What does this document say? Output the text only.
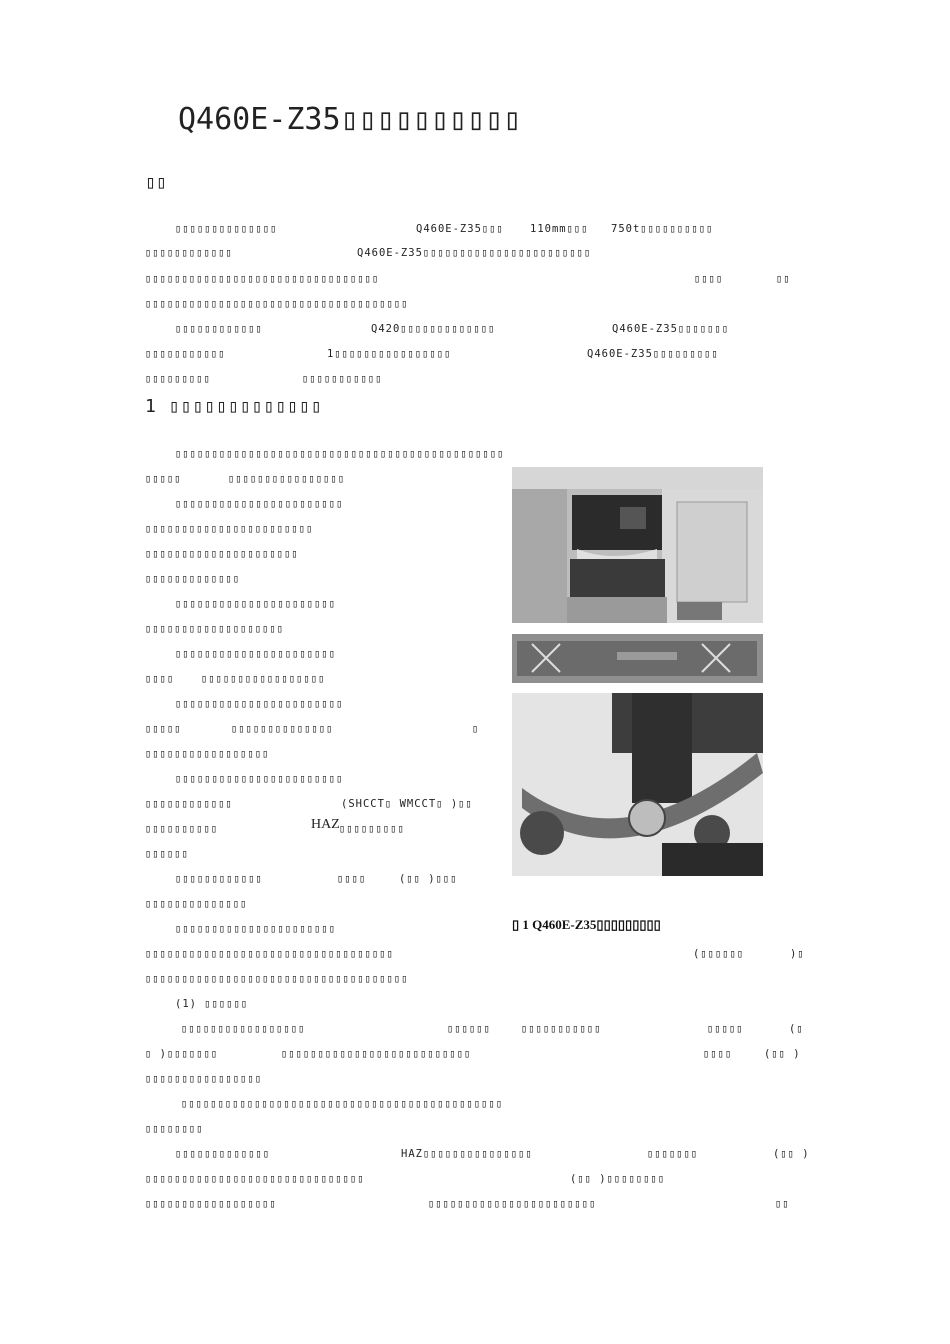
Q460E-Z35▯▯▯▯▯▯▯▯▯▯
▯▯
▯▯▯▯▯▯▯▯▯▯▯▯▯▯	Q460E-Z35▯▯▯ 110mm▯▯▯ 750t▯▯▯▯▯▯▯▯▯▯
▯▯▯▯▯▯▯▯▯▯▯▯	Q460E-Z35▯▯▯▯▯▯▯▯▯▯▯▯▯▯▯▯▯▯▯▯▯▯▯
▯▯▯▯▯▯▯▯▯▯▯▯▯▯▯▯▯▯▯▯▯▯▯▯▯▯▯▯▯▯▯▯	▯▯▯▯	▯▯
▯▯▯▯▯▯▯▯▯▯▯▯▯▯▯▯▯▯▯▯▯▯▯▯▯▯▯▯▯▯▯▯▯▯▯▯
▯▯▯▯▯▯▯▯▯▯▯▯	Q420▯▯▯▯▯▯▯▯▯▯▯▯▯	Q460E-Z35▯▯▯▯▯▯▯
▯▯▯▯▯▯▯▯▯▯▯	1▯▯▯▯▯▯▯▯▯▯▯▯▯▯▯▯	Q460E-Z35▯▯▯▯▯▯▯▯▯
▯▯▯▯▯▯▯▯▯	▯▯▯▯▯▯▯▯▯▯▯
1 ▯▯▯▯▯▯▯▯▯▯▯▯▯
▯▯▯▯▯▯▯▯▯▯▯▯▯▯▯▯▯▯▯▯▯▯▯▯▯▯▯▯▯▯▯▯▯▯▯▯▯▯▯▯▯▯▯▯▯
▯▯▯▯▯	▯▯▯▯▯▯▯▯▯▯▯▯▯▯▯▯
▯▯▯▯▯▯▯▯▯▯▯▯▯▯▯▯▯▯▯▯▯▯▯
▯▯▯▯▯▯▯▯▯▯▯▯▯▯▯▯▯▯▯▯▯▯▯
▯▯▯▯▯▯▯▯▯▯▯▯▯▯▯▯▯▯▯▯▯
▯▯▯▯▯▯▯▯▯▯▯▯▯
▯▯▯▯▯▯▯▯▯▯▯▯▯▯▯▯▯▯▯▯▯▯
▯▯▯▯▯▯▯▯▯▯▯▯▯▯▯▯▯▯▯
▯▯▯▯▯▯▯▯▯▯▯▯▯▯▯▯▯▯▯▯▯▯
▯▯▯▯	▯▯▯▯▯▯▯▯▯▯▯▯▯▯▯▯▯
▯▯▯▯▯▯▯▯▯▯▯▯▯▯▯▯▯▯▯▯▯▯▯
▯▯▯▯▯	▯▯▯▯▯▯▯▯▯▯▯▯▯▯	▯
▯▯▯▯▯▯▯▯▯▯▯▯▯▯▯▯▯
▯▯▯▯▯▯▯▯▯▯▯▯▯▯▯▯▯▯▯▯▯▯▯
▯▯▯▯▯▯▯▯▯▯▯▯	(SHCCT▯ WMCCT▯ )▯▯
▯▯▯▯▯▯▯▯▯▯	HAZ ▯▯▯▯▯▯▯▯▯
▯▯▯▯▯▯
▯▯▯▯▯▯▯▯▯▯▯▯	▯▯▯▯	(▯▯ )▯▯▯
▯▯▯▯▯▯▯▯▯▯▯▯▯▯
▯▯▯▯▯▯▯▯▯▯▯▯▯▯▯▯▯▯▯▯▯▯
▯▯▯▯▯▯▯▯▯▯▯▯▯▯▯▯▯▯▯▯▯▯▯▯▯▯▯▯▯▯▯▯▯▯	(▯▯▯▯▯▯	)▯
▯▯▯▯▯▯▯▯▯▯▯▯▯▯▯▯▯▯▯▯▯▯▯▯▯▯▯▯▯▯▯▯▯▯▯▯
(1) ▯▯▯▯▯▯
▯▯▯▯▯▯▯▯▯▯▯▯▯▯▯▯▯	▯▯▯▯▯▯	▯▯▯▯▯▯▯▯▯▯▯	▯▯▯▯▯	(▯
▯ )▯▯▯▯▯▯▯	▯▯▯▯▯▯▯▯▯▯▯▯▯▯▯▯▯▯▯▯▯▯▯▯▯▯	▯▯▯▯	(▯▯ )
▯▯▯▯▯▯▯▯▯▯▯▯▯▯▯▯
▯▯▯▯▯▯▯▯▯▯▯▯▯▯▯▯▯▯▯▯▯▯▯▯▯▯▯▯▯▯▯▯▯▯▯▯▯▯▯▯▯▯▯▯
▯▯▯▯▯▯▯▯
▯▯▯▯▯▯▯▯▯▯▯▯▯	HAZ▯▯▯▯▯▯▯▯▯▯▯▯▯▯▯	▯▯▯▯▯▯▯	(▯▯ )
▯▯▯▯▯▯▯▯▯▯▯▯▯▯▯▯▯▯▯▯▯▯▯▯▯▯▯▯▯▯	(▯▯ )▯▯▯▯▯▯▯▯
▯▯▯▯▯▯▯▯▯▯▯▯▯▯▯▯▯▯	▯▯▯▯▯▯▯▯▯▯▯▯▯▯▯▯▯▯▯▯▯▯▯	▯▯
▯ 1 Q460E-Z35▯▯▯▯▯▯▯▯▯
